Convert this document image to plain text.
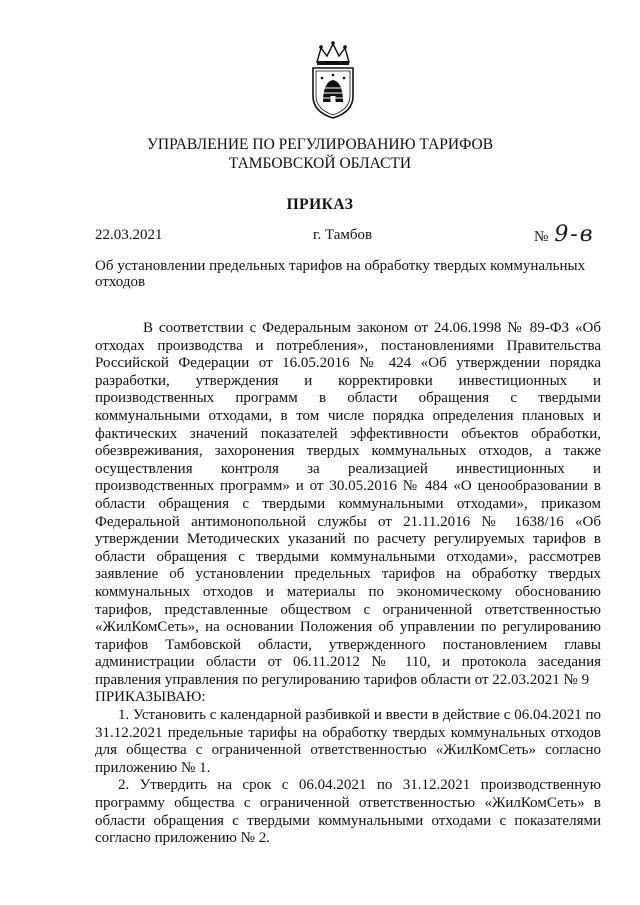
УПРАВЛЕНИЕ ПО РЕГУЛИРОВАНИЮ ТАРИФОВ
ТАМБОВСКОЙ ОБЛАСТИ
ПРИКАЗ
22.03.2021	г. Тамбов	№ 9-в
Об установлении предельных тарифов на обработку твердых коммунальных отходов

В соответствии с Федеральным законом от 24.06.1998 № 89-ФЗ «Об отходах производства и потребления», постановлениями Правительства Российской Федерации от 16.05.2016 № 424 «Об утверждении порядка разработки, утверждения и корректировки инвестиционных и производственных программ в области обращения с твердыми коммунальными отходами, в том числе порядка определения плановых и фактических значений показателей эффективности объектов обработки, обезвреживания, захоронения твердых коммунальных отходов, а также осуществления контроля за реализацией инвестиционных и производственных программ» и от 30.05.2016 № 484 «О ценообразовании в области обращения с твердыми коммунальными отходами», приказом Федеральной антимонопольной службы от 21.11.2016 № 1638/16 «Об утверждении Методических указаний по расчету регулируемых тарифов в области обращения с твердыми коммунальными отходами», рассмотрев заявление об установлении предельных тарифов на обработку твердых коммунальных отходов и материалы по экономическому обоснованию тарифов, представленные обществом с ограниченной ответственностью «ЖилКомСеть», на основании Положения об управлении по регулированию тарифов Тамбовской области, утвержденного постановлением главы администрации области от 06.11.2012 № 110, и протокола заседания правления управления по регулированию тарифов области от 22.03.2021 № 9

ПРИКАЗЫВАЮ:

1. Установить с календарной разбивкой и ввести в действие с 06.04.2021 по 31.12.2021 предельные тарифы на обработку твердых коммунальных отходов для общества с ограниченной ответственностью «ЖилКомСеть» согласно приложению № 1.

2. Утвердить на срок с 06.04.2021 по 31.12.2021 производственную программу общества с ограниченной ответственностью «ЖилКомСеть» в области обращения с твердыми коммунальными отходами с показателями согласно приложению № 2.
